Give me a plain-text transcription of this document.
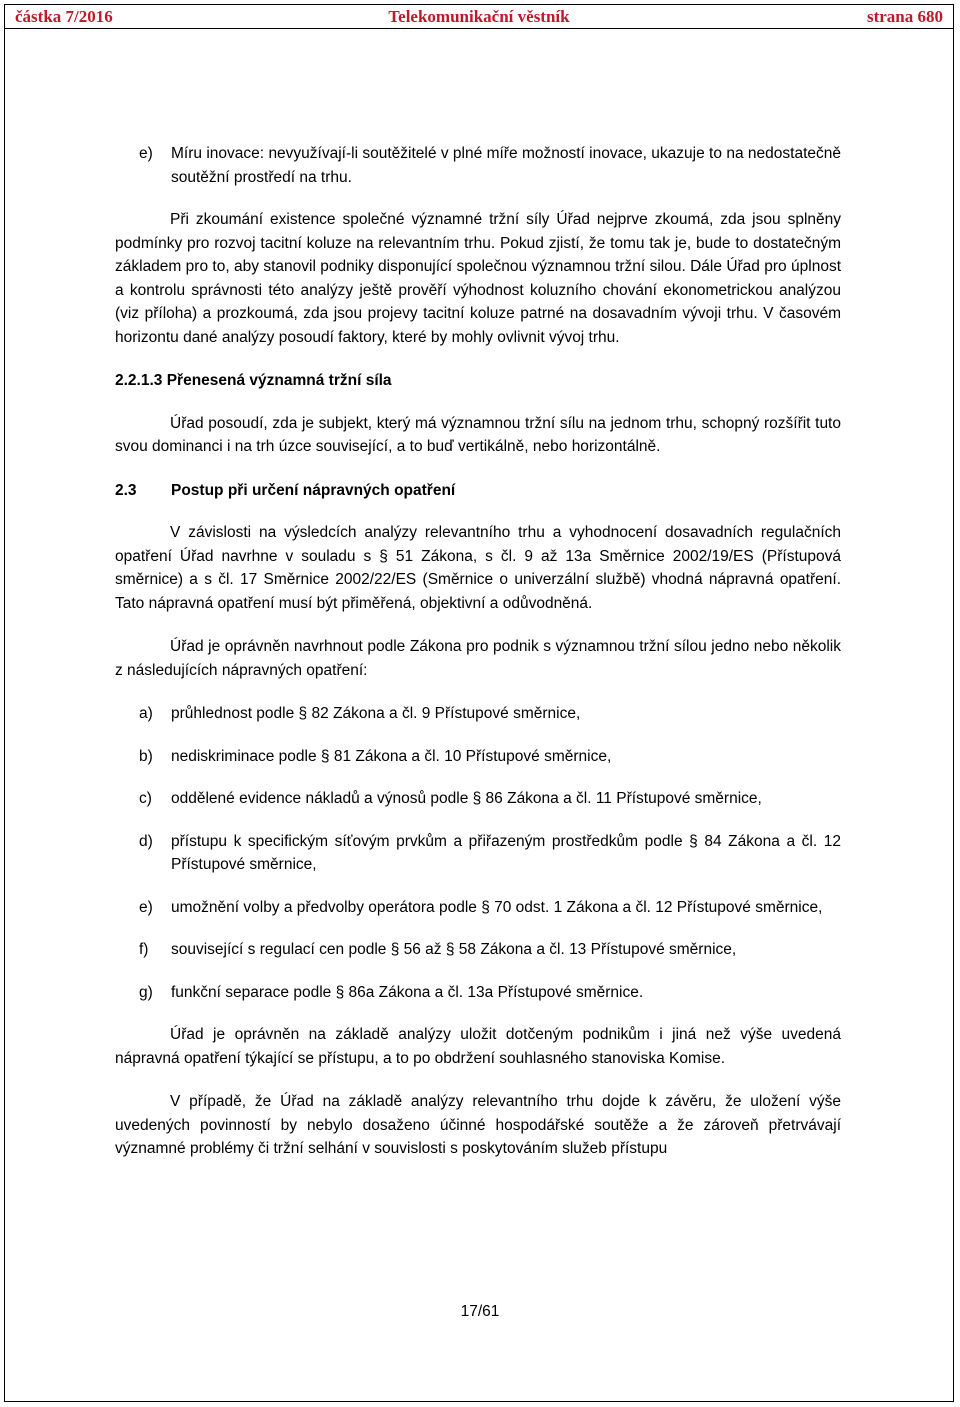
částka 7/2016	Telekomunikační věstník	strana 680
e) Míru inovace: nevyužívají-li soutěžitelé v plné míře možností inovace, ukazuje to na nedostatečně soutěžní prostředí na trhu.

Při zkoumání existence společné významné tržní síly Úřad nejprve zkoumá, zda jsou splněny podmínky pro rozvoj tacitní koluze na relevantním trhu. Pokud zjistí, že tomu tak je, bude to dostatečným základem pro to, aby stanovil podniky disponující společnou významnou tržní silou. Dále Úřad pro úplnost a kontrolu správnosti této analýzy ještě prověří výhodnost koluzního chování ekonometrickou analýzou (viz příloha) a prozkoumá, zda jsou projevy tacitní koluze patrné na dosavadním vývoji trhu. V časovém horizontu dané analýzy posoudí faktory, které by mohly ovlivnit vývoj trhu.

2.2.1.3 Přenesená významná tržní síla

Úřad posoudí, zda je subjekt, který má významnou tržní sílu na jednom trhu, schopný rozšířit tuto svou dominanci i na trh úzce související, a to buď vertikálně, nebo horizontálně.

2.3 Postup při určení nápravných opatření

V závislosti na výsledcích analýzy relevantního trhu a vyhodnocení dosavadních regulačních opatření Úřad navrhne v souladu s § 51 Zákona, s čl. 9 až 13a Směrnice 2002/19/ES (Přístupová směrnice) a s čl. 17 Směrnice 2002/22/ES (Směrnice o univerzální službě) vhodná nápravná opatření. Tato nápravná opatření musí být přiměřená, objektivní a odůvodněná.

Úřad je oprávněn navrhnout podle Zákona pro podnik s významnou tržní sílou jedno nebo několik z následujících nápravných opatření:

a) průhlednost podle § 82 Zákona a čl. 9 Přístupové směrnice,
b) nediskriminace podle § 81 Zákona a čl. 10 Přístupové směrnice,
c) oddělené evidence nákladů a výnosů podle § 86 Zákona a čl. 11 Přístupové směrnice,
d) přístupu k specifickým síťovým prvkům a přiřazeným prostředkům podle § 84 Zákona a čl. 12 Přístupové směrnice,
e) umožnění volby a předvolby operátora podle § 70 odst. 1 Zákona a čl. 12 Přístupové směrnice,
f) související s regulací cen podle § 56 až § 58 Zákona a čl. 13 Přístupové směrnice,
g) funkční separace podle § 86a Zákona a čl. 13a Přístupové směrnice.

Úřad je oprávněn na základě analýzy uložit dotčeným podnikům i jiná než výše uvedená nápravná opatření týkající se přístupu, a to po obdržení souhlasného stanoviska Komise.

V případě, že Úřad na základě analýzy relevantního trhu dojde k závěru, že uložení výše uvedených povinností by nebylo dosaženo účinné hospodářské soutěže a že zároveň přetrvávají významné problémy či tržní selhání v souvislosti s poskytováním služeb přístupu

17/61
